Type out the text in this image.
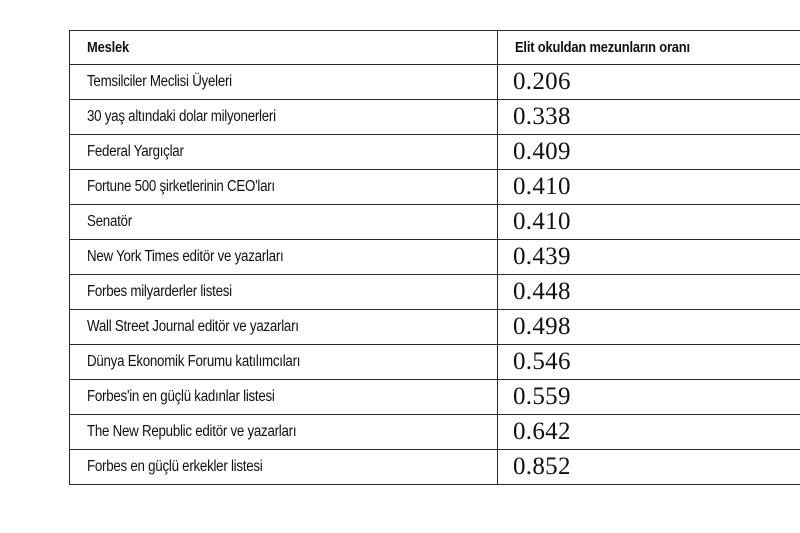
Meslek	Elit okuldan mezunların oranı
Temsilciler Meclisi Üyeleri	0.206
30 yaş altındaki dolar milyonerleri	0.338
Federal Yargıçlar	0.409
Fortune 500 şirketlerinin CEO'ları	0.410
Senatör	0.410
New York Times editör ve yazarları	0.439
Forbes milyarderler listesi	0.448
Wall Street Journal editör ve yazarları	0.498
Dünya Ekonomik Forumu katılımcıları	0.546
Forbes'in en güçlü kadınlar listesi	0.559
The New Republic editör ve yazarları	0.642
Forbes en güçlü erkekler listesi	0.852
